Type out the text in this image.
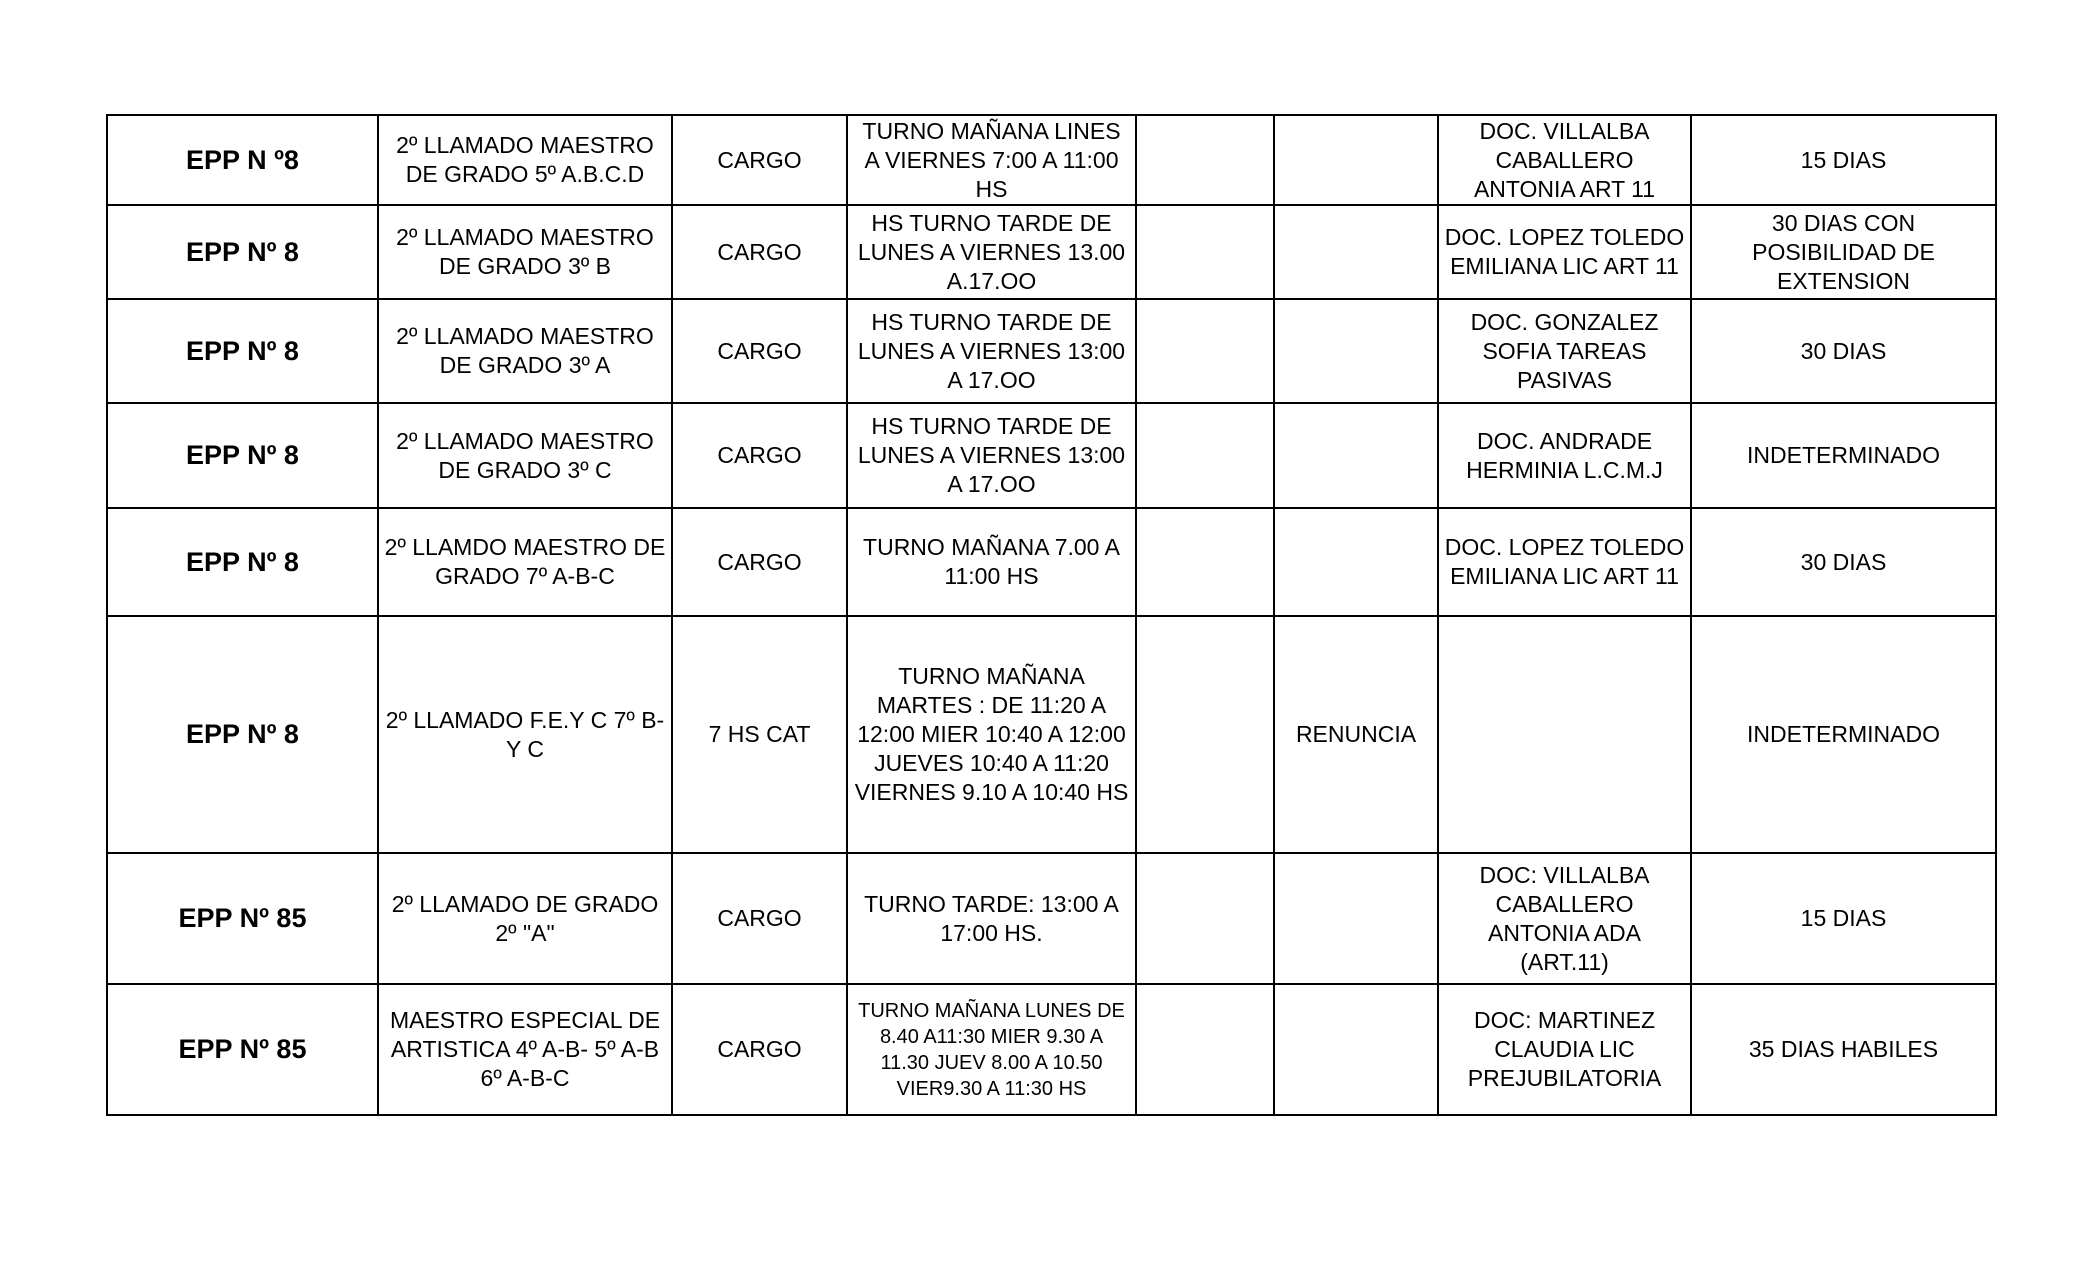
EPP N º8	2º LLAMADO MAESTRO
DE GRADO 5º A.B.C.D	CARGO	TURNO MAÑANA LINES
A VIERNES 7:00 A 11:00
HS			DOC. VILLALBA
CABALLERO
ANTONIA ART 11	15 DIAS
EPP Nº 8	2º LLAMADO MAESTRO
DE GRADO 3º B	CARGO	HS TURNO TARDE DE
LUNES A VIERNES 13.00
A.17.OO			DOC. LOPEZ TOLEDO
EMILIANA LIC ART 11	30 DIAS CON
POSIBILIDAD DE
EXTENSION
EPP Nº 8	2º LLAMADO MAESTRO
DE GRADO 3º A	CARGO	HS TURNO TARDE DE
LUNES A VIERNES 13:00
A 17.OO			DOC. GONZALEZ
SOFIA TAREAS
PASIVAS	30 DIAS
EPP Nº 8	2º LLAMADO MAESTRO
DE GRADO 3º C	CARGO	HS TURNO TARDE DE
LUNES A VIERNES 13:00
A 17.OO			DOC. ANDRADE
HERMINIA L.C.M.J	INDETERMINADO
EPP Nº 8	2º LLAMDO MAESTRO DE
GRADO 7º A-B-C	CARGO	TURNO MAÑANA 7.00 A
11:00 HS			DOC. LOPEZ TOLEDO
EMILIANA LIC ART 11	30 DIAS
EPP Nº 8	2º LLAMADO F.E.Y C 7º B-
Y C	7 HS CAT	TURNO MAÑANA
MARTES : DE 11:20 A
12:00 MIER 10:40 A 12:00
JUEVES 10:40 A 11:20
VIERNES 9.10 A 10:40 HS		RENUNCIA		INDETERMINADO
EPP Nº 85	2º LLAMADO DE GRADO
2º "A"	CARGO	TURNO TARDE: 13:00 A
17:00 HS.			DOC: VILLALBA
CABALLERO
ANTONIA ADA
(ART.11)	15 DIAS
EPP Nº 85	MAESTRO ESPECIAL DE
ARTISTICA 4º A-B- 5º A-B
6º A-B-C	CARGO	TURNO MAÑANA LUNES DE
8.40 A11:30 MIER 9.30 A
11.30 JUEV 8.00 A 10.50
VIER9.30 A 11:30 HS			DOC: MARTINEZ
CLAUDIA LIC
PREJUBILATORIA	35 DIAS HABILES
